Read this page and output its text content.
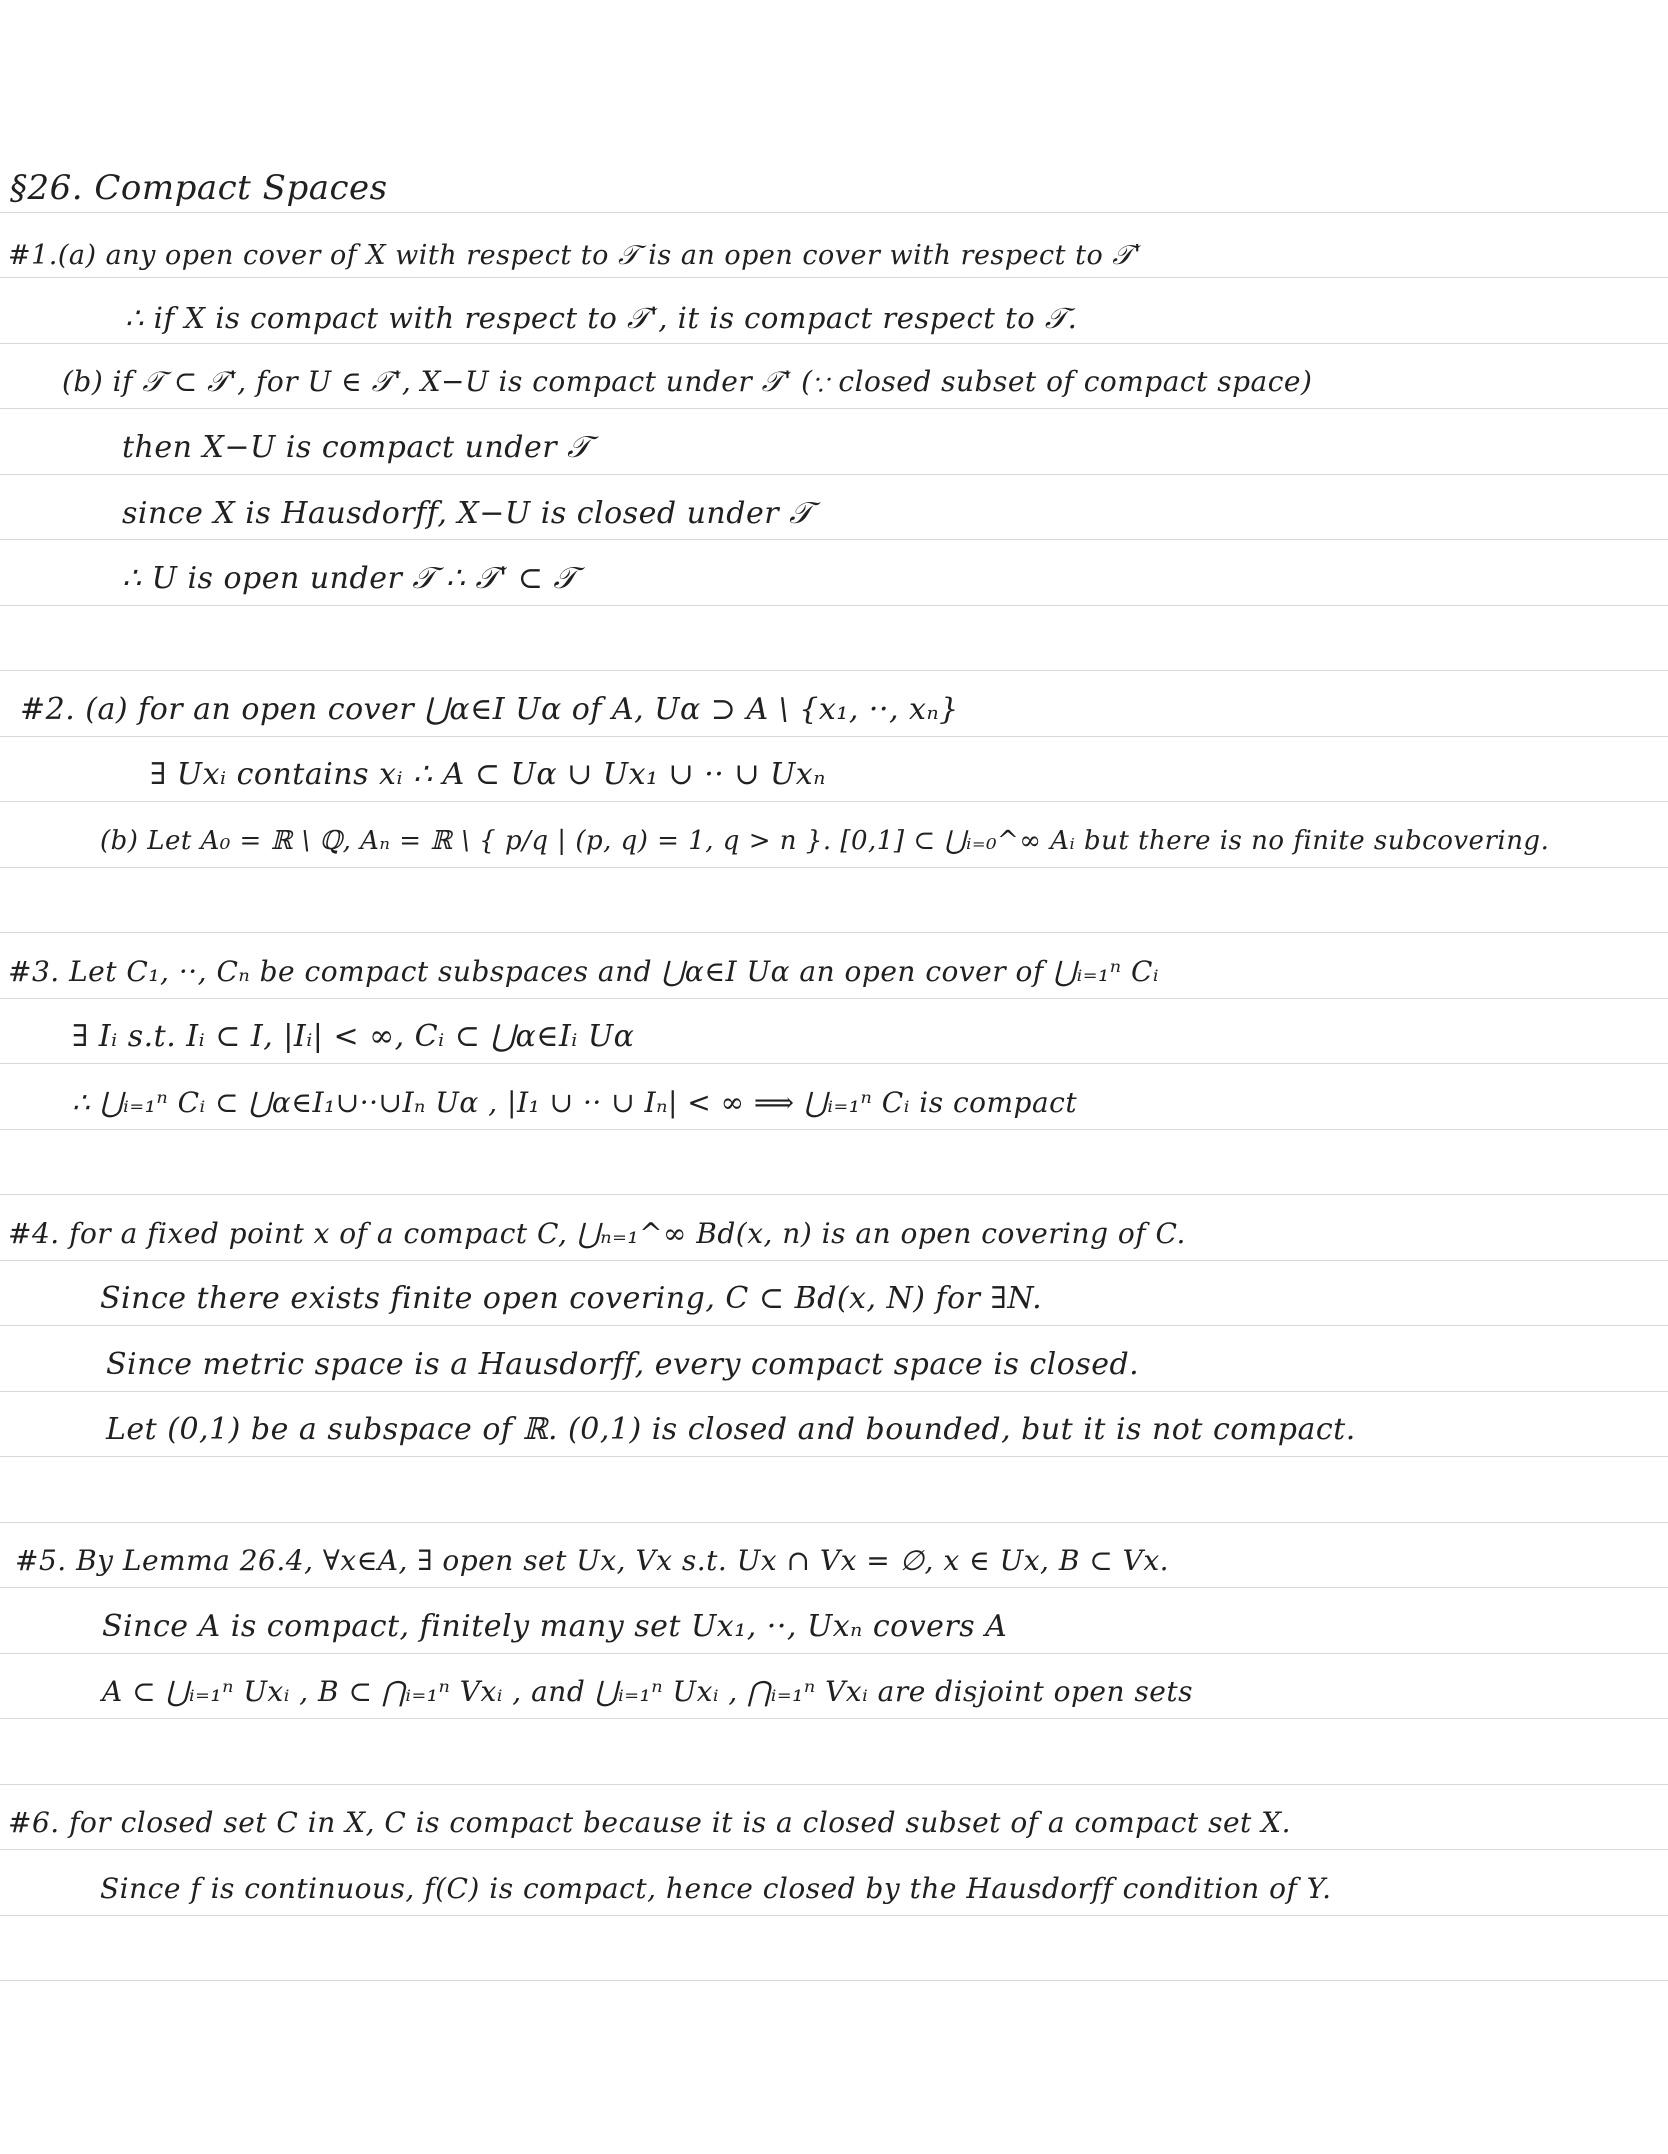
§26. Compact Spaces
#1.(a) any open cover of X with respect to 𝒯 is an open cover with respect to 𝒯'
∴ if X is compact with respect to 𝒯', it is compact respect to 𝒯.
(b) if 𝒯 ⊂ 𝒯', for U ∈ 𝒯', X−U is compact under 𝒯' (∵ closed subset of compact space)
then X−U is compact under 𝒯
since X is Hausdorff, X−U is closed under 𝒯
∴ U is open under 𝒯 ∴ 𝒯' ⊂ 𝒯
#2. (a) for an open cover ⋃α∈I Uα of A, Uα ⊃ A \ {x₁, ··, xₙ}
∃ Uxᵢ contains xᵢ ∴ A ⊂ Uα ∪ Ux₁ ∪ ·· ∪ Uxₙ
(b) Let A₀ = ℝ \ ℚ, Aₙ = ℝ \ { p/q | (p, q) = 1, q > n }. [0,1] ⊂ ⋃ᵢ₌₀^∞ Aᵢ but there is no finite subcovering.
#3. Let C₁, ··, Cₙ be compact subspaces and ⋃α∈I Uα an open cover of ⋃ᵢ₌₁ⁿ Cᵢ
∃ Iᵢ s.t. Iᵢ ⊂ I, |Iᵢ| < ∞, Cᵢ ⊂ ⋃α∈Iᵢ Uα
∴ ⋃ᵢ₌₁ⁿ Cᵢ ⊂ ⋃α∈I₁∪··∪Iₙ Uα , |I₁ ∪ ·· ∪ Iₙ| < ∞ ⟹ ⋃ᵢ₌₁ⁿ Cᵢ is compact
#4. for a fixed point x of a compact C, ⋃ₙ₌₁^∞ Bd(x, n) is an open covering of C.
Since there exists finite open covering, C ⊂ Bd(x, N) for ∃N.
Since metric space is a Hausdorff, every compact space is closed.
Let (0,1) be a subspace of ℝ. (0,1) is closed and bounded, but it is not compact.
#5. By Lemma 26.4, ∀x∈A, ∃ open set Ux, Vx s.t. Ux ∩ Vx = ∅, x ∈ Ux, B ⊂ Vx.
Since A is compact, finitely many set Ux₁, ··, Uxₙ covers A
A ⊂ ⋃ᵢ₌₁ⁿ Uxᵢ , B ⊂ ⋂ᵢ₌₁ⁿ Vxᵢ , and ⋃ᵢ₌₁ⁿ Uxᵢ , ⋂ᵢ₌₁ⁿ Vxᵢ are disjoint open sets
#6. for closed set C in X, C is compact because it is a closed subset of a compact set X.
Since f is continuous, f(C) is compact, hence closed by the Hausdorff condition of Y.
